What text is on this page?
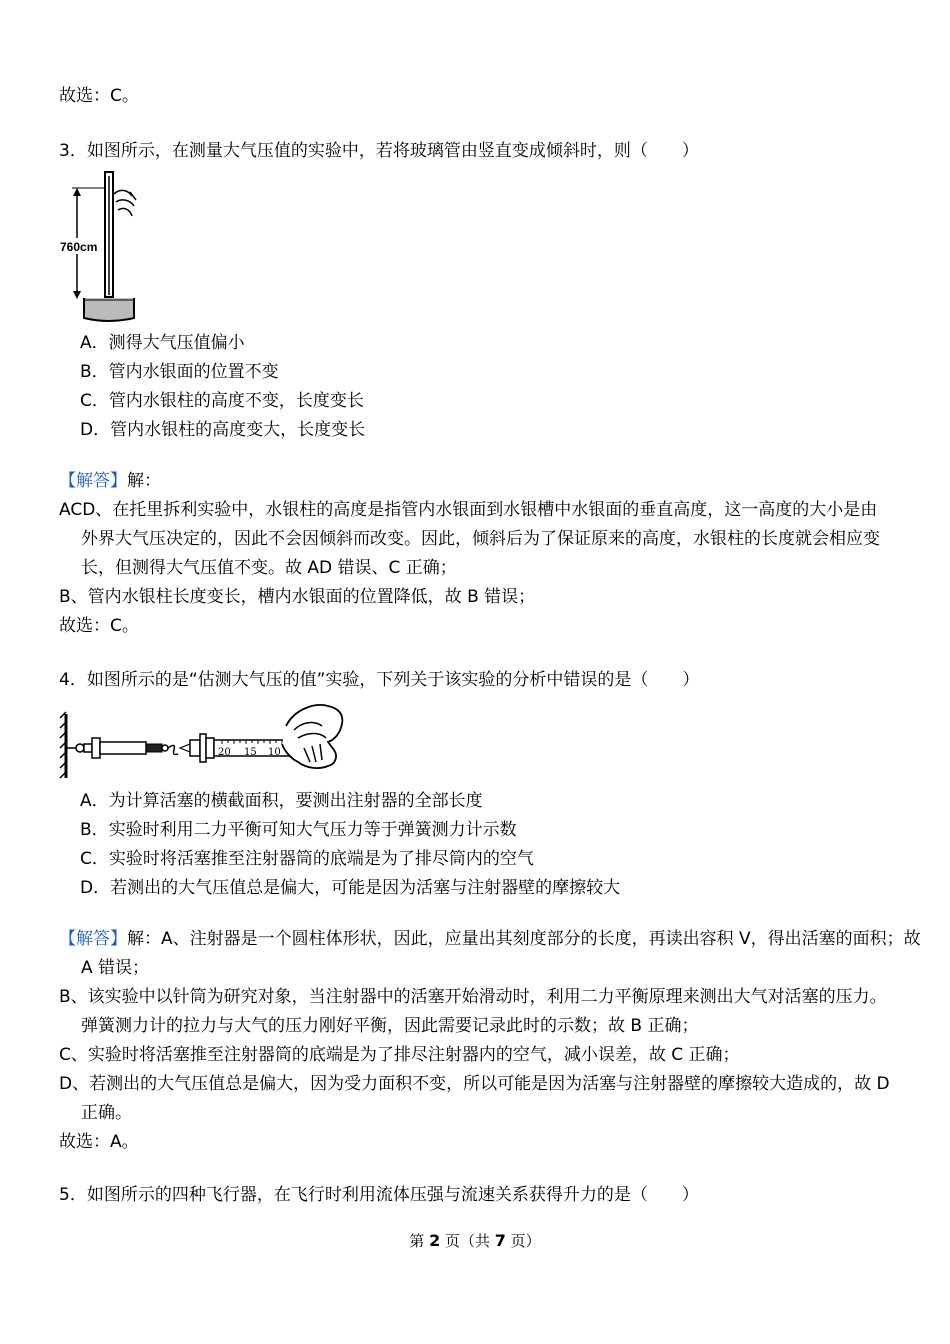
故选：C。
3．如图所示，在测量大气压值的实验中，若将玻璃管由竖直变成倾斜时，则（　　）
760cm
A．测得大气压值偏小
B．管内水银面的位置不变
C．管内水银柱的高度不变，长度变长
D．管内水银柱的高度变大，长度变长
【解答】解：
ACD、在托里拆利实验中，水银柱的高度是指管内水银面到水银槽中水银面的垂直高度，这一高度的大小是由
外界大气压决定的，因此不会因倾斜而改变。因此，倾斜后为了保证原来的高度，水银柱的长度就会相应变
长，但测得大气压值不变。故 AD 错误、C 正确；
B、管内水银柱长度变长，槽内水银面的位置降低，故 B 错误；
故选：C。
4．如图所示的是“估测大气压的值”实验，下列关于该实验的分析中错误的是（　　）
20 15 10
A．为计算活塞的横截面积，要测出注射器的全部长度
B．实验时利用二力平衡可知大气压力等于弹簧测力计示数
C．实验时将活塞推至注射器筒的底端是为了排尽筒内的空气
D．若测出的大气压值总是偏大，可能是因为活塞与注射器壁的摩擦较大
【解答】解：A、注射器是一个圆柱体形状，因此，应量出其刻度部分的长度，再读出容积 V，得出活塞的面积；故
A 错误；
B、该实验中以针筒为研究对象，当注射器中的活塞开始滑动时，利用二力平衡原理来测出大气对活塞的压力。
弹簧测力计的拉力与大气的压力刚好平衡，因此需要记录此时的示数；故 B 正确；
C、实验时将活塞推至注射器筒的底端是为了排尽注射器内的空气，减小误差，故 C 正确；
D、若测出的大气压值总是偏大，因为受力面积不变，所以可能是因为活塞与注射器壁的摩擦较大造成的，故 D
正确。
故选：A。
5．如图所示的四种飞行器，在飞行时利用流体压强与流速关系获得升力的是（　　）
第 2 页（共 7 页）
